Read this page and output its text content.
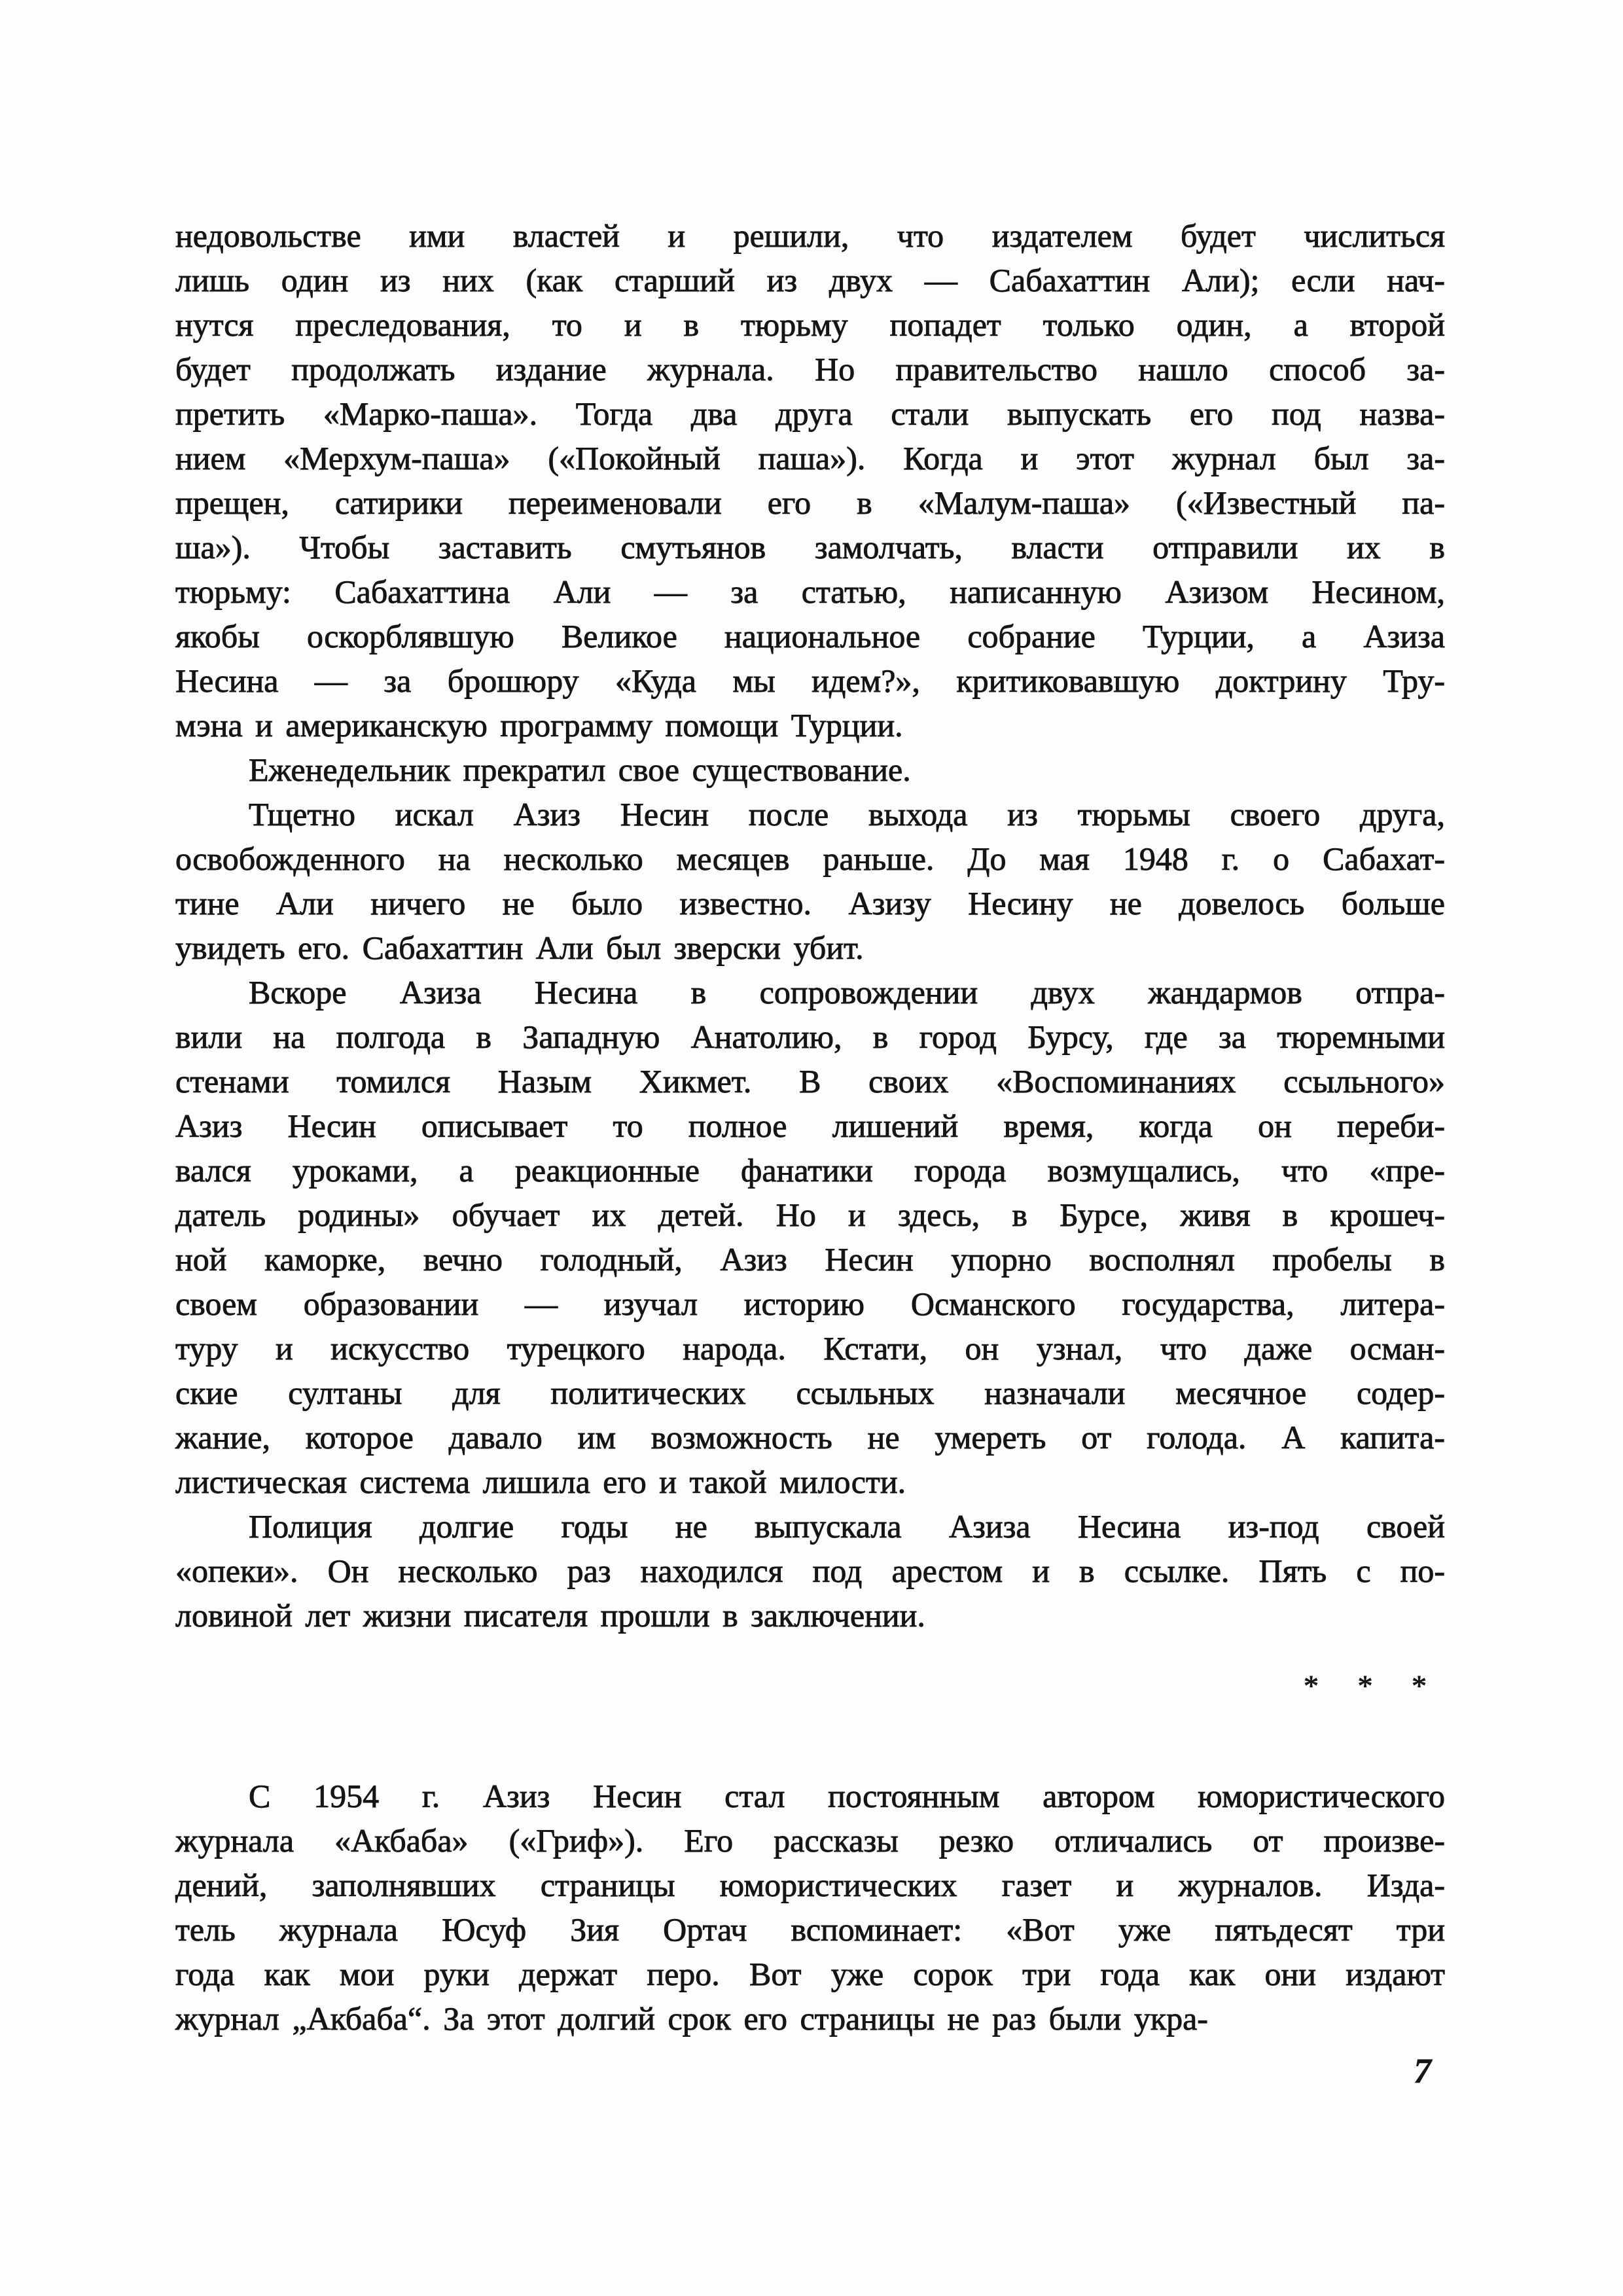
недовольстве ими властей и решили, что издателем будет числиться
лишь один из них (как старший из двух — Сабахаттин Али); если нач-
нутся преследования, то и в тюрьму попадет только один, а второй
будет продолжать издание журнала. Но правительство нашло способ за-
претить «Марко-паша». Тогда два друга стали выпускать его под назва-
нием «Мерхум-паша» («Покойный паша»). Когда и этот журнал был за-
прещен, сатирики переименовали его в «Малум-паша» («Известный па-
ша»). Чтобы заставить смутьянов замолчать, власти отправили их в
тюрьму: Сабахаттина Али — за статью, написанную Азизом Несином,
якобы оскорблявшую Великое национальное собрание Турции, а Азиза
Несина — за брошюру «Куда мы идем?», критиковавшую доктрину Тру-
мэна и американскую программу помощи Турции.
Еженедельник прекратил свое существование.
Тщетно искал Азиз Несин после выхода из тюрьмы своего друга,
освобожденного на несколько месяцев раньше. До мая 1948 г. о Сабахат-
тине Али ничего не было известно. Азизу Несину не довелось больше
увидеть его. Сабахаттин Али был зверски убит.
Вскоре Азиза Несина в сопровождении двух жандармов отпра-
вили на полгода в Западную Анатолию, в город Бурсу, где за тюремными
стенами томился Назым Хикмет. В своих «Воспоминаниях ссыльного»
Азиз Несин описывает то полное лишений время, когда он переби-
вался уроками, а реакционные фанатики города возмущались, что «пре-
датель родины» обучает их детей. Но и здесь, в Бурсе, живя в крошеч-
ной каморке, вечно голодный, Азиз Несин упорно восполнял пробелы в
своем образовании — изучал историю Османского государства, литера-
туру и искусство турецкого народа. Кстати, он узнал, что даже осман-
ские султаны для политических ссыльных назначали месячное содер-
жание, которое давало им возможность не умереть от голода. А капита-
листическая система лишила его и такой милости.
Полиция долгие годы не выпускала Азиза Несина из-под своей
«опеки». Он несколько раз находился под арестом и в ссылке. Пять с по-
ловиной лет жизни писателя прошли в заключении.
* * *
С 1954 г. Азиз Несин стал постоянным автором юмористического
журнала «Акбаба» («Гриф»). Его рассказы резко отличались от произве-
дений, заполнявших страницы юмористических газет и журналов. Изда-
тель журнала Юсуф Зия Ортач вспоминает: «Вот уже пятьдесят три
года как мои руки держат перо. Вот уже сорок три года как они издают
журнал „Акбаба“. За этот долгий срок его страницы не раз были укра-
7
